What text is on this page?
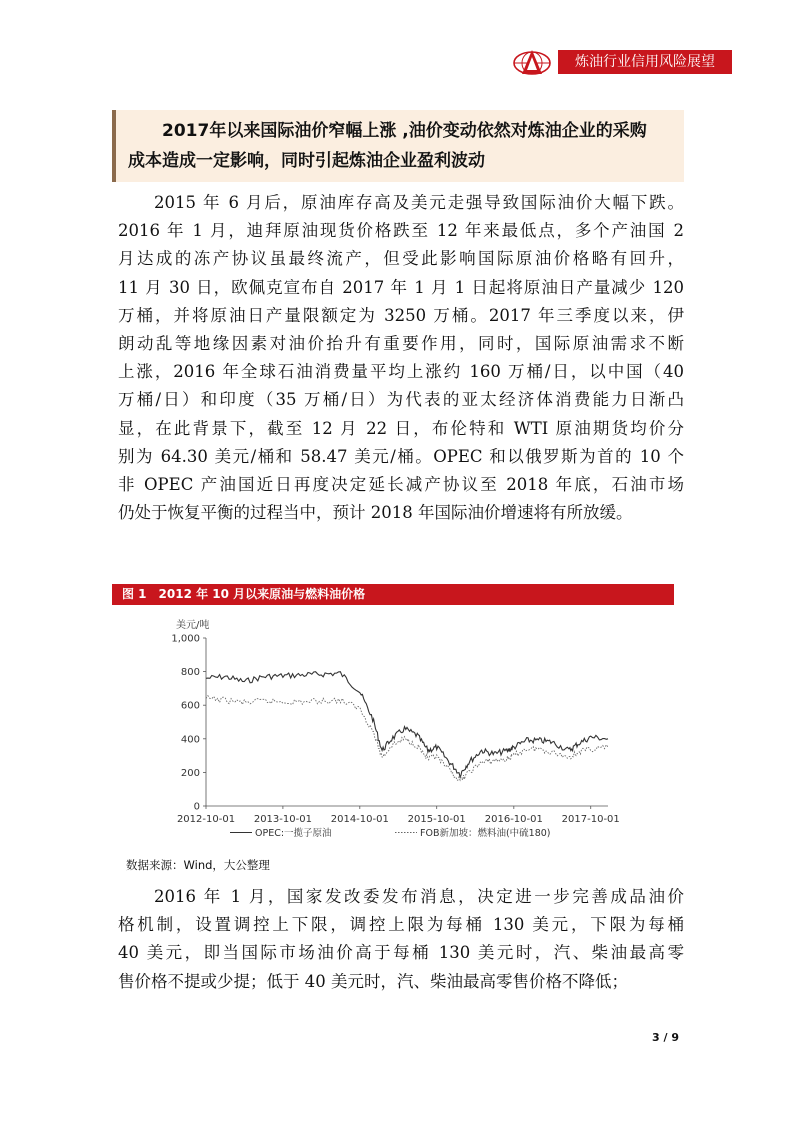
炼油行业信用风险展望
2017年以来国际油价窄幅上涨 ,油价变动依然对炼油企业的采购
成本造成一定影响，同时引起炼油企业盈利波动
2015 年 6 月后，原油库存高及美元走强导致国际油价大幅下跌。
2016 年 1 月，迪拜原油现货价格跌至 12 年来最低点，多个产油国 2
月达成的冻产协议虽最终流产，但受此影响国际原油价格略有回升，
11 月 30 日，欧佩克宣布自 2017 年 1 月 1 日起将原油日产量减少 120
万桶，并将原油日产量限额定为 3250 万桶。2017 年三季度以来，伊
朗动乱等地缘因素对油价抬升有重要作用，同时，国际原油需求不断
上涨，2016 年全球石油消费量平均上涨约 160 万桶/日，以中国（40
万桶/日）和印度（35 万桶/日）为代表的亚太经济体消费能力日渐凸
显，在此背景下，截至 12 月 22 日，布伦特和 WTI 原油期货均价分
别为 64.30 美元/桶和 58.47 美元/桶。OPEC 和以俄罗斯为首的 10 个
非 OPEC 产油国近日再度决定延长减产协议至 2018 年底，石油市场
仍处于恢复平衡的过程当中，预计 2018 年国际油价增速将有所放缓。
图 1 2012 年 10 月以来原油与燃料油价格
美元/吨
0
200
400
600
800
1,000
2012-10-01 2013-10-01 2014-10-01 2015-10-01 2016-10-01 2017-10-01
OPEC:一揽子原油	FOB新加坡：燃料油(中硫180)
数据来源：Wind，大公整理
2016 年 1 月，国家发改委发布消息，决定进一步完善成品油价
格机制，设置调控上下限，调控上限为每桶 130 美元，下限为每桶
40 美元，即当国际市场油价高于每桶 130 美元时，汽、柴油最高零
售价格不提或少提；低于 40 美元时，汽、柴油最高零售价格不降低；
3 / 9
